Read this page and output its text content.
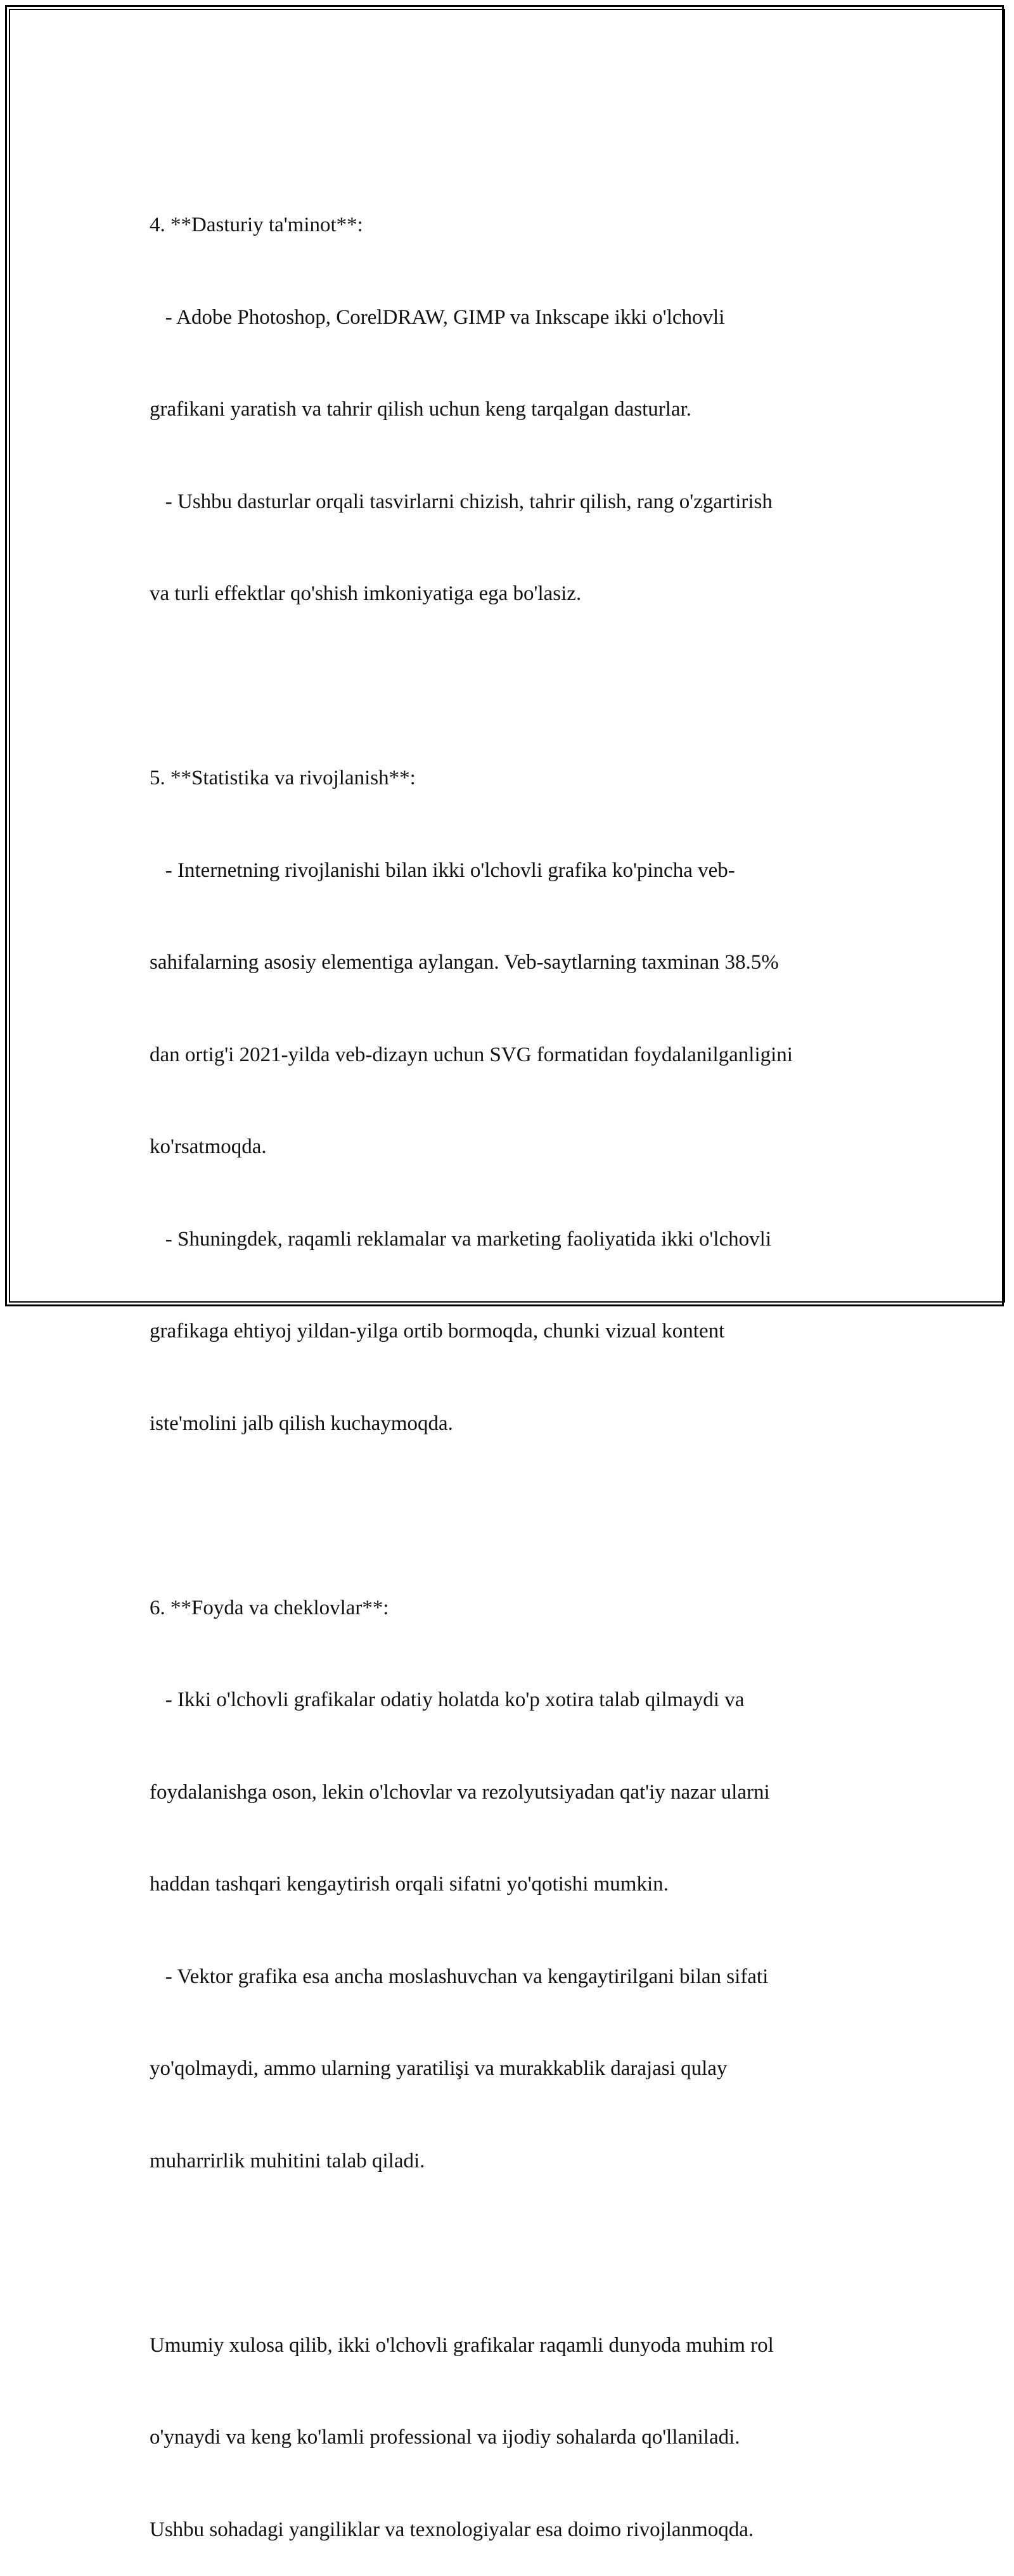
4. **Dasturiy ta'minot**:

- Adobe Photoshop, CorelDRAW, GIMP va Inkscape ikki o'lchovli

grafikani yaratish va tahrir qilish uchun keng tarqalgan dasturlar.

- Ushbu dasturlar orqali tasvirlarni chizish, tahrir qilish, rang o'zgartirish

va turli effektlar qo'shish imkoniyatiga ega bo'lasiz.

5. **Statistika va rivojlanish**:

- Internetning rivojlanishi bilan ikki o'lchovli grafika ko'pincha veb-

sahifalarning asosiy elementiga aylangan. Veb-saytlarning taxminan 38.5%

dan ortig'i 2021-yilda veb-dizayn uchun SVG formatidan foydalanilganligini

ko'rsatmoqda.

- Shuningdek, raqamli reklamalar va marketing faoliyatida ikki o'lchovli

grafikaga ehtiyoj yildan-yilga ortib bormoqda, chunki vizual kontent

iste'molini jalb qilish kuchaymoqda.

6. **Foyda va cheklovlar**:

- Ikki o'lchovli grafikalar odatiy holatda ko'p xotira talab qilmaydi va

foydalanishga oson, lekin o'lchovlar va rezolyutsiyadan qat'iy nazar ularni

haddan tashqari kengaytirish orqali sifatni yo'qotishi mumkin.

- Vektor grafika esa ancha moslashuvchan va kengaytirilgani bilan sifati

yo'qolmaydi, ammo ularning yaratilişi va murakkablik darajasi qulay

muharrirlik muhitini talab qiladi.

Umumiy xulosa qilib, ikki o'lchovli grafikalar raqamli dunyoda muhim rol

o'ynaydi va keng ko'lamli professional va ijodiy sohalarda qo'llaniladi.

Ushbu sohadagi yangiliklar va texnologiyalar esa doimo rivojlanmoqda.
